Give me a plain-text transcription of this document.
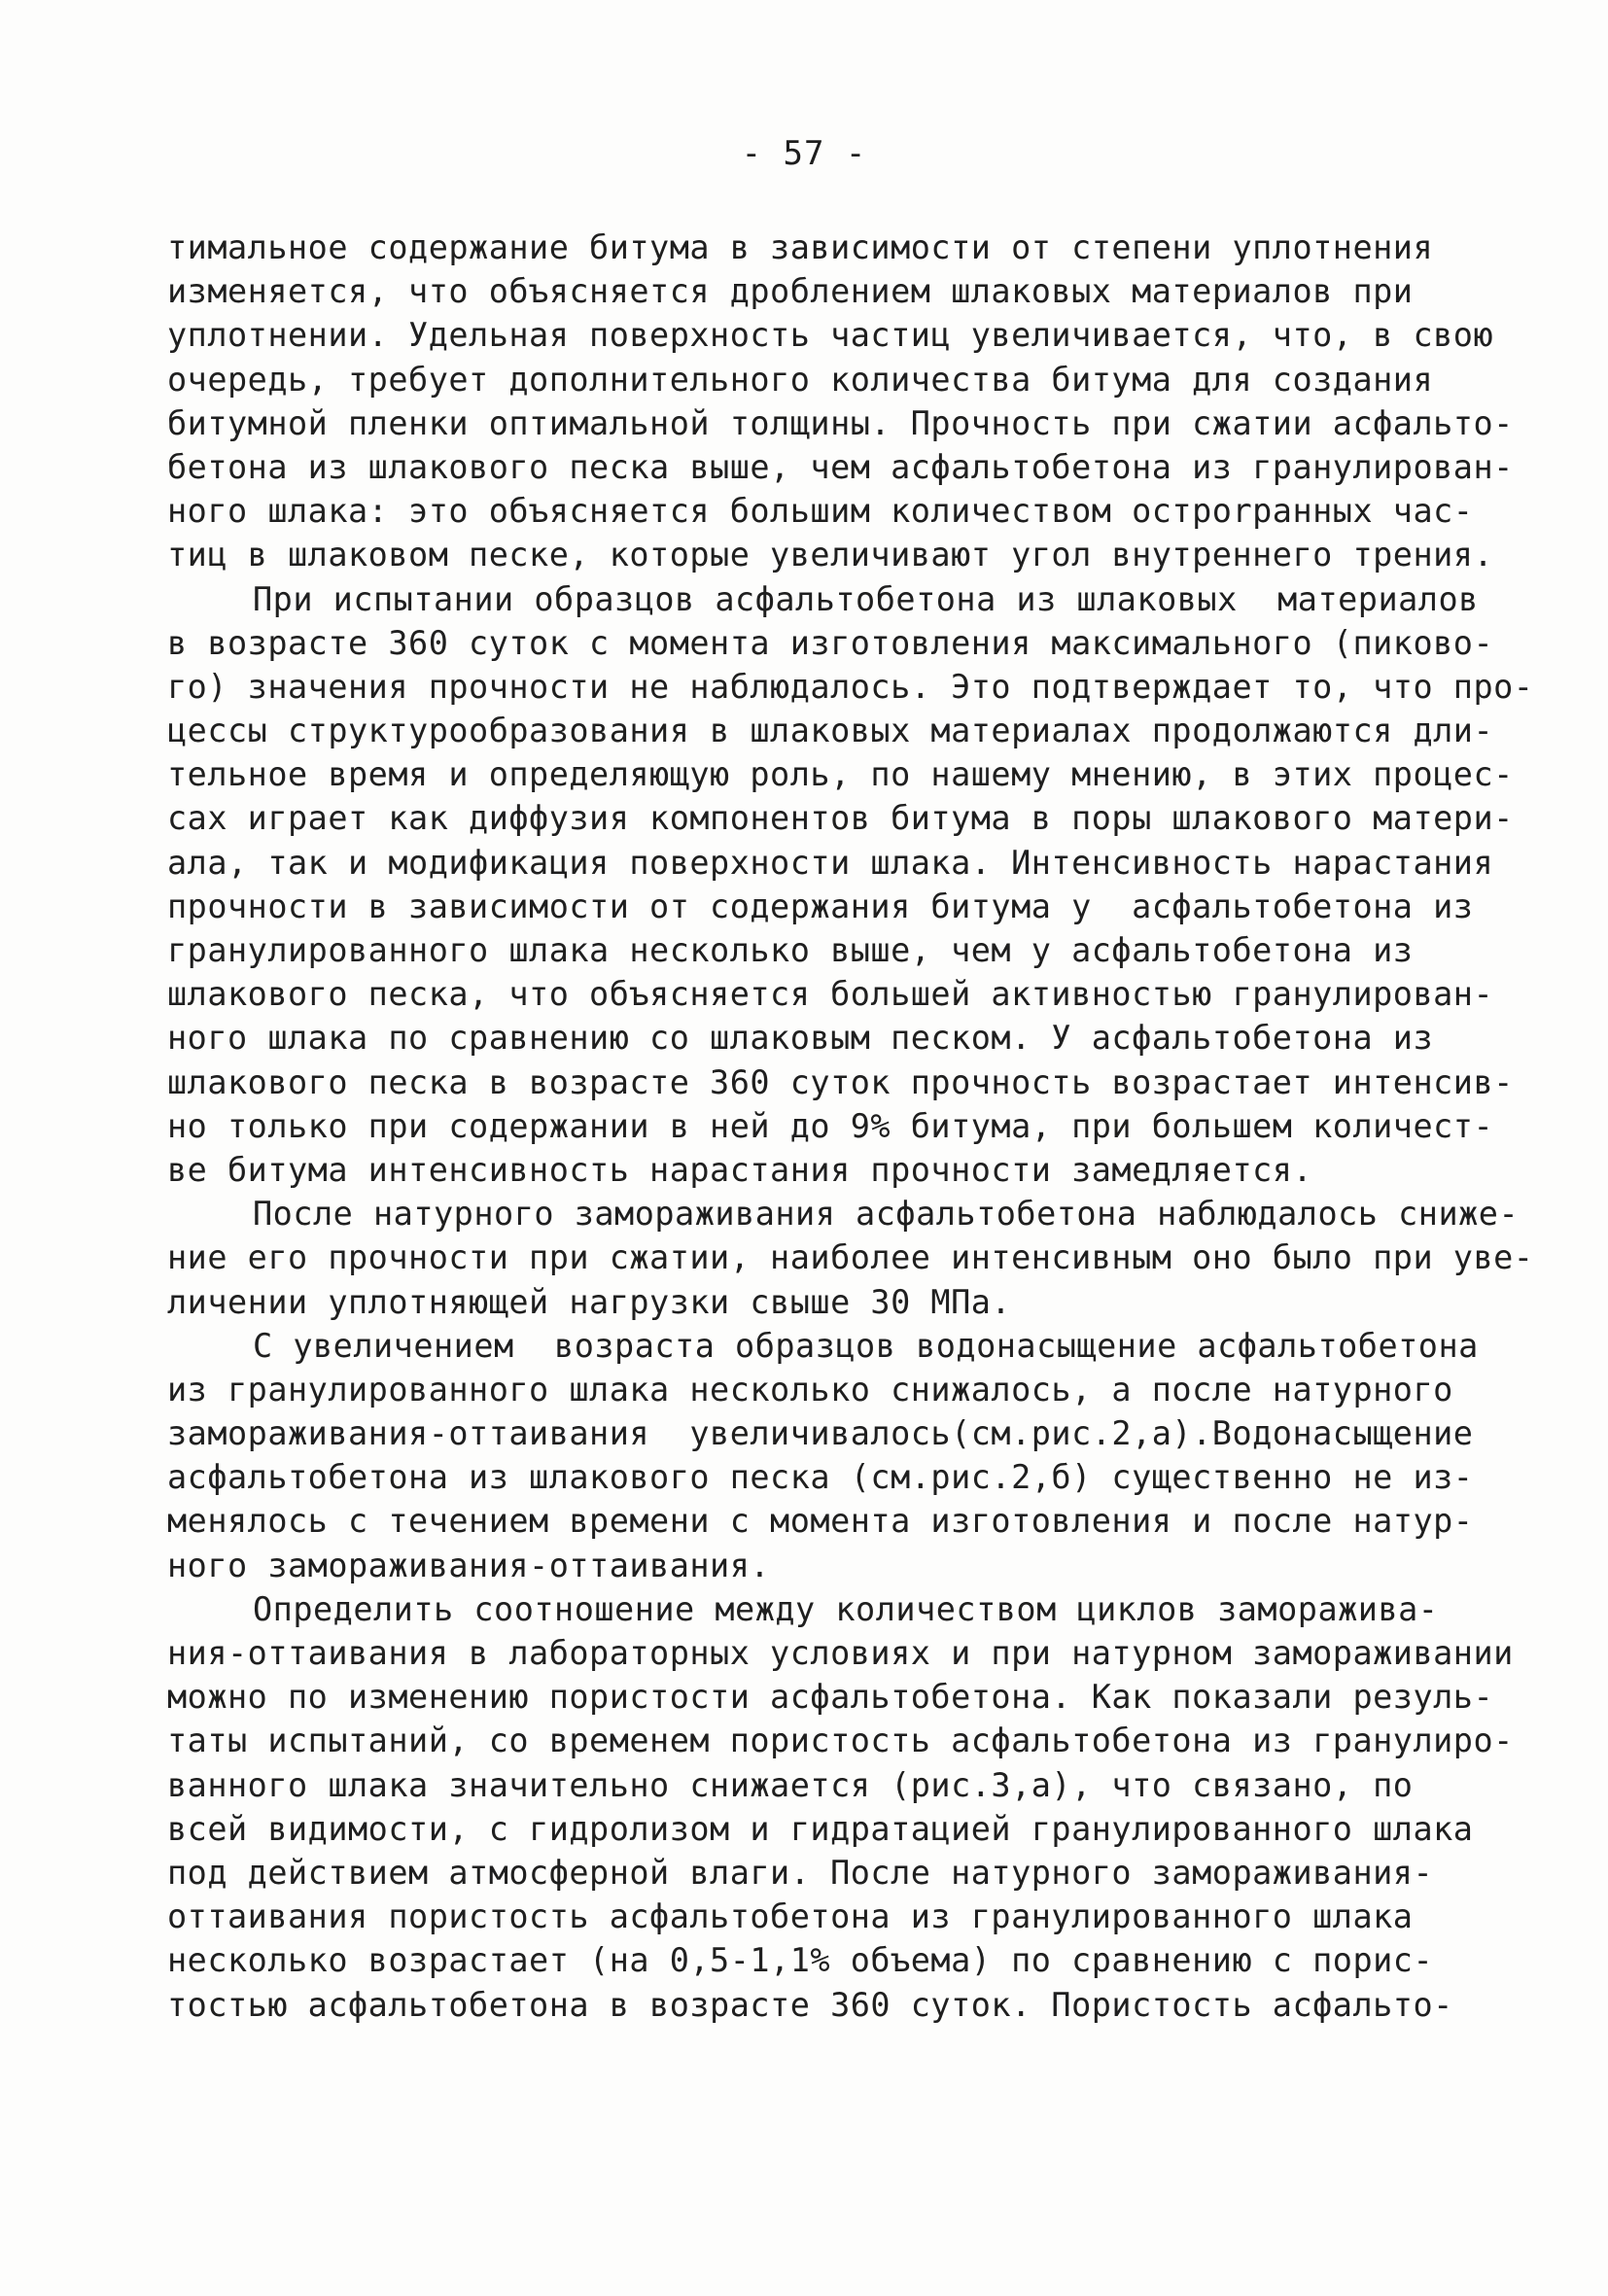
- 57 -
тимальное содержание битума в зависимости от степени уплотнения
изменяется, что объясняется дроблением шлаковых материалов при
уплотнении. Удельная поверхность частиц увеличивается, что, в свою
очередь, требует дополнительного количества битума для создания
битумной пленки оптимальной толщины. Прочность при сжатии асфальто-
бетона из шлакового песка выше, чем асфальтобетона из гранулирован-
ного шлака: это объясняется большим количеством остроrpанных час-
тиц в шлаковом песке, которые увеличивают угол внутреннего трения.
При испытании образцов асфальтобетона из шлаковых  материалов
в возрасте 360 суток с момента изготовления максимального (пиково-
го) значения прочности не наблюдалось. Это подтверждает то, что про-
цессы структурообразования в шлаковых материалах продолжаются дли-
тельное время и определяющую роль, по нашему мнению, в этих процес-
сах играет как диффузия компонентов битума в поры шлакового матери-
ала, так и модификация поверхности шлака. Интенсивность нарастания
прочности в зависимости от содержания битума у  асфальтобетона из
гранулированного шлака несколько выше, чем у асфальтобетона из
шлакового песка, что объясняется большей активностью гранулирован-
ного шлака по сравнению со шлаковым песком. У асфальтобетона из
шлакового песка в возрасте 360 суток прочность возрастает интенсив-
но только при содержании в ней до 9% битума, при большем количест-
ве битума интенсивность нарастания прочности замедляется.
После натурного замораживания асфальтобетона наблюдалось сниже-
ние его прочности при сжатии, наиболее интенсивным оно было при уве-
личении уплотняющей нагрузки свыше 30 МПа.
С увеличением  возраста образцов водонасыщение асфальтобетона
из гранулированного шлака несколько снижалось, а после натурного
замораживания-оттаивания  увеличивалось(см.рис.2,а).Водонасыщение
асфальтобетона из шлакового песка (см.рис.2,б) существенно не из-
менялось с течением времени с момента изготовления и после натур-
ного замораживания-оттаивания.
Определить соотношение между количеством циклов заморажива-
ния-оттаивания в лабораторных условиях и при натурном замораживании
можно по изменению пористости асфальтобетона. Как показали резуль-
таты испытаний, со временем пористость асфальтобетона из гранулиро-
ванного шлака значительно снижается (рис.3,а), что связано, по
всей видимости, с гидролизом и гидратацией гранулированного шлака
под действием атмосферной влаги. После натурного замораживания-
оттаивания пористость асфальтобетона из гранулированного шлака
несколько возрастает (на 0,5-1,1% объема) по сравнению с порис-
тостью асфальтобетона в возрасте 360 суток. Пористость асфальто-
